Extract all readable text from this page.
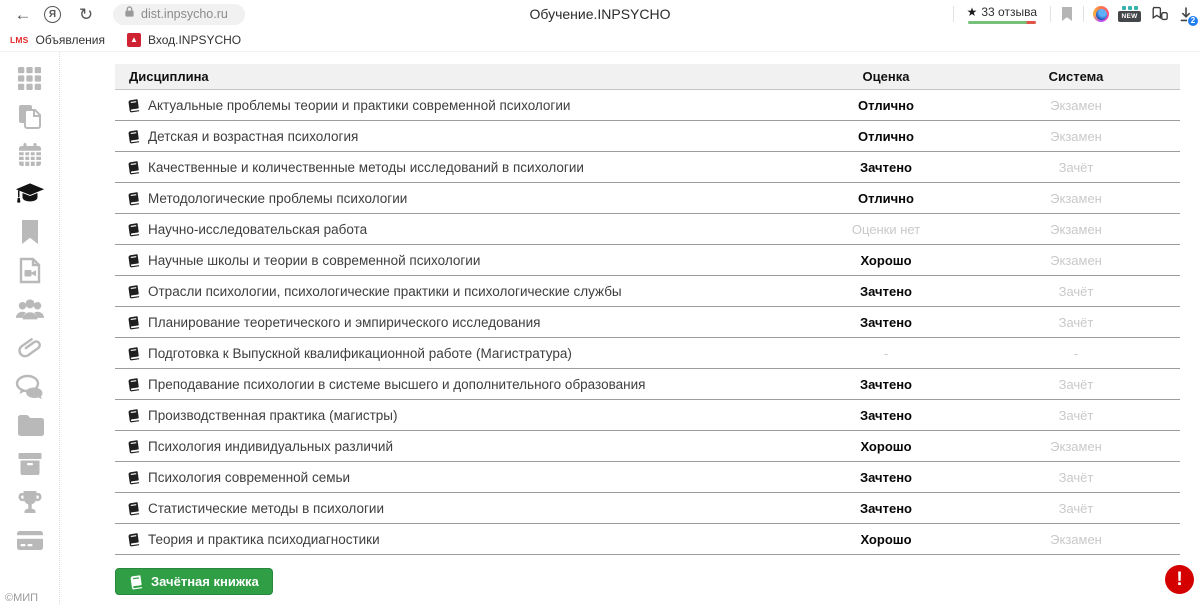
←	Я	↻	dist.inpsycho.ru	Обучение.INPSYCHO	★ 33 отзыва	NEW	2
LMS Объявления	▲ Вход.INPSYCHO
©МИП
Дисциплина	Оценка	Система
Актуальные проблемы теории и практики современной психологии	Отлично	Экзамен
Детская и возрастная психология	Отлично	Экзамен
Качественные и количественные методы исследований в психологии	Зачтено	Зачёт
Методологические проблемы психологии	Отлично	Экзамен
Научно-исследовательская работа	Оценки нет	Экзамен
Научные школы и теории в современной психологии	Хорошо	Экзамен
Отрасли психологии, психологические практики и психологические службы	Зачтено	Зачёт
Планирование теоретического и эмпирического исследования	Зачтено	Зачёт
Подготовка к Выпускной квалификационной работе (Магистратура)	-	-
Преподавание психологии в системе высшего и дополнительного образования	Зачтено	Зачёт
Производственная практика (магистры)	Зачтено	Зачёт
Психология индивидуальных различий	Хорошо	Экзамен
Психология современной семьи	Зачтено	Зачёт
Статистические методы в психологии	Зачтено	Зачёт
Теория и практика психодиагностики	Хорошо	Экзамен
Зачётная книжка	!
